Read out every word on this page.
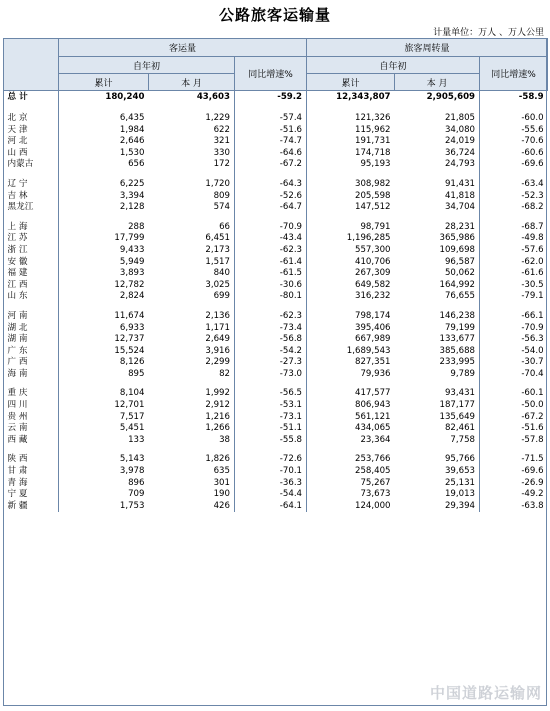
公路旅客运输量
计量单位：万人 、万人公里
	客运量			旅客周转量		
	自年初		同比增速%	自年初		同比增速%
	累计	本 月		累计	本 月	
总 计	180,240	43,603	-59.2	12,343,807	2,905,609	-58.9

北 京	6,435	1,229	-57.4	121,326	21,805	-60.0
天 津	1,984	622	-51.6	115,962	34,080	-55.6
河 北	2,646	321	-74.7	191,731	24,019	-70.6
山 西	1,530	330	-64.6	174,718	36,724	-60.6
内蒙古	656	172	-67.2	95,193	24,793	-69.6

辽 宁	6,225	1,720	-64.3	308,982	91,431	-63.4
吉 林	3,394	809	-52.6	205,598	41,818	-52.3
黑龙江	2,128	574	-64.7	147,512	34,704	-68.2

上 海	288	66	-70.9	98,791	28,231	-68.7
江 苏	17,799	6,451	-43.4	1,196,285	365,986	-49.8
浙 江	9,433	2,173	-62.3	557,300	109,698	-57.6
安 徽	5,949	1,517	-61.4	410,706	96,587	-62.0
福 建	3,893	840	-61.5	267,309	50,062	-61.6
江 西	12,782	3,025	-30.6	649,582	164,992	-30.5
山 东	2,824	699	-80.1	316,232	76,655	-79.1

河 南	11,674	2,136	-62.3	798,174	146,238	-66.1
湖 北	6,933	1,171	-73.4	395,406	79,199	-70.9
湖 南	12,737	2,649	-56.8	667,989	133,677	-56.3
广 东	15,524	3,916	-54.2	1,689,543	385,688	-54.0
广 西	8,126	2,299	-27.3	827,351	233,995	-30.7
海 南	895	82	-73.0	79,936	9,789	-70.4

重 庆	8,104	1,992	-56.5	417,577	93,431	-60.1
四 川	12,701	2,912	-53.1	806,943	187,177	-50.0
贵 州	7,517	1,216	-73.1	561,121	135,649	-67.2
云 南	5,451	1,266	-51.1	434,065	82,461	-51.6
西 藏	133	38	-55.8	23,364	7,758	-57.8

陕 西	5,143	1,826	-72.6	253,766	95,766	-71.5
甘 肃	3,978	635	-70.1	258,405	39,653	-69.6
青 海	896	301	-36.3	75,267	25,131	-26.9
宁 夏	709	190	-54.4	73,673	19,013	-49.2
新 疆	1,753	426	-64.1	124,000	29,394	-63.8
中国道路运输网
